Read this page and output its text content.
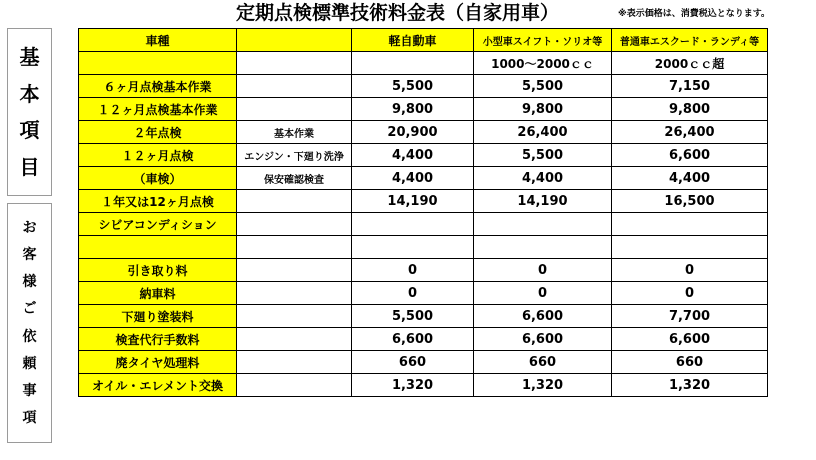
定期点検標準技術料金表（自家用車）	※表示価格は、消費税込となります。
基
本
項
目
お
客
様
ご
依
頼
事
項
車種		軽自動車	小型車スイフト・ソリオ等	普通車エスクード・ランディ等
			1000～2000ｃｃ	2000ｃｃ超
６ヶ月点検基本作業		5,500	5,500	7,150
１２ヶ月点検基本作業		9,800	9,800	9,800
２年点検	基本作業	20,900	26,400	26,400
１２ヶ月点検	エンジン・下廻り洗浄	4,400	5,500	6,600
（車検）	保安確認検査	4,400	4,400	4,400
１年又は12ヶ月点検		14,190	14,190	16,500
シビアコンディション				

引き取り料		0	0	0
納車料		0	0	0
下廻り塗装料		5,500	6,600	7,700
検査代行手数料		6,600	6,600	6,600
廃タイヤ処理料		660	660	660
オイル・エレメント交換		1,320	1,320	1,320
